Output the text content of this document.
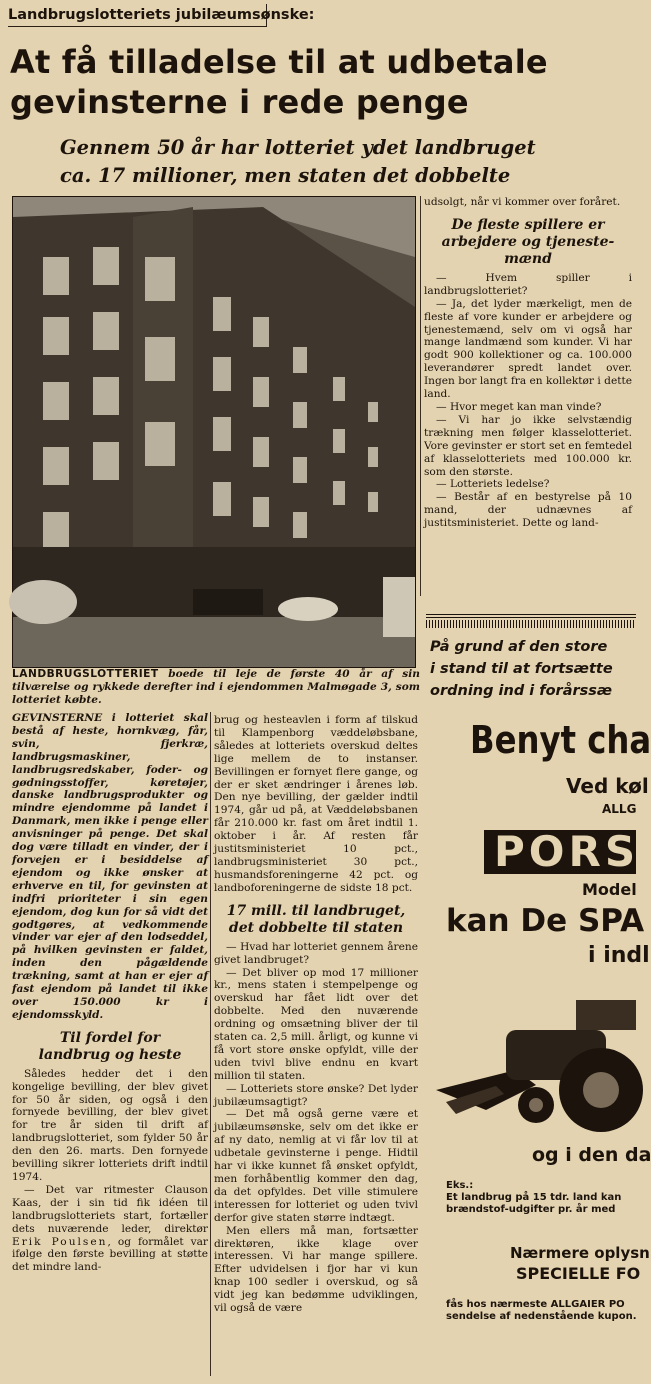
Landbrugslotteriets jubilæumsønske:
At få tilladelse til at udbetale
gevinsterne i rede penge
Gennem 50 år har lotteriet ydet landbruget
ca. 17 millioner, men staten det dobbelte
LANDBRUGSLOTTERIET boede til leje de første 40 år af sin tilværelse og rykkede derefter ind i ejendommen Malmøgade 3, som lotteriet købte.

GEVINSTERNE i lotteriet skal bestå af heste, hornkvæg, får, svin, fjerkræ, landbrugsmaskiner, landbrugsredskaber, foder- og gødningsstoffer, køretøjer, danske landbrugsprodukter og mindre ejendomme på landet i Danmark, men ikke i penge eller anvisninger på penge. Det skal dog være tilladt en vinder, der i forvejen er i besiddelse af ejendom og ikke ønsker at erhverve en til, for gevinsten at indfri prioriteter i sin egen ejendom, dog kun for så vidt det godtgøres, at vedkommende vinder var ejer af den lodseddel, på hvilken gevinsten er faldet, inden den pågældende trækning, samt at han er ejer af fast ejendom på landet til ikke over 150.000 kr i ejendomsskyld.

Til fordel for
landbrug og heste

Således hedder det i den kongelige bevilling, der blev givet for 50 år siden, og også i den fornyede bevilling, der blev givet for tre år siden til drift af landbrugslotteriet, som fylder 50 år den den 26. marts. Den fornyede bevilling sikrer lotteriets drift indtil 1974.

— Det var ritmester Clauson Kaas, der i sin tid fik idéen til landbrugslotteriets start, fortæller dets nuværende leder, direktør Erik Poulsen, og formålet var ifølge den første bevilling at støtte det mindre land-

brug og hesteavlen i form af tilskud til Klampenborg væddeløbsbane, således at lotteriets overskud deltes lige mellem de to instanser. Bevillingen er fornyet flere gange, og der er sket ændringer i årenes løb. Den nye bevilling, der gælder indtil 1974, går ud på, at Væddeløbsbanen får 210.000 kr. fast om året indtil 1. oktober i år. Af resten får justitsministeriet 10 pct., landbrugsministeriet 30 pct., husmandsforeningerne 42 pct. og landboforeningerne de sidste 18 pct.

17 mill. til landbruget,
det dobbelte til staten

— Hvad har lotteriet gennem årene givet landbruget?

— Det bliver op mod 17 millioner kr., mens staten i stempelpenge og overskud har fået lidt over det dobbelte. Med den nuværende ordning og omsætning bliver der til staten ca. 2,5 mill. årligt, og kunne vi få vort store ønske opfyldt, ville der uden tvivl blive endnu en kvart million til staten.

— Lotteriets store ønske? Det lyder jubilæumsagtigt?

— Det må også gerne være et jubilæumsønske, selv om det ikke er af ny dato, nemlig at vi får lov til at udbetale gevinsterne i penge. Hidtil har vi ikke kunnet få ønsket opfyldt, men forhåbentlig kommer den dag, da det opfyldes. Det ville stimulere interessen for lotteriet og uden tvivl derfor give staten større indtægt.

Men ellers må man, fortsætter direktøren, ikke klage over interessen. Vi har mange spillere. Efter udvidelsen i fjor har vi kun knap 100 sedler i overskud, og så vidt jeg kan bedømme udviklingen, vil også de være

udsolgt, når vi kommer over foråret.

De fleste spillere er
arbejdere og tjeneste-
mænd

— Hvem spiller i landbrugslotteriet?

— Ja, det lyder mærkeligt, men de fleste af vore kunder er arbejdere og tjenestemænd, selv om vi også har mange landmænd som kunder. Vi har godt 900 kollektioner og ca. 100.000 leverandører spredt landet over. Ingen bor langt fra en kollektør i dette land.

— Hvor meget kan man vinde?

— Vi har jo ikke selvstændig trækning men følger klasselotteriet. Vore gevinster er stort set en femtedel af klasselotteriets med 100.000 kr. som den største.

— Lotteriets ledelse?

— Består af en bestyrelse på 10 mand, der udnævnes af justitsministeriet. Dette og land-

På grund af den store
i stand til at fortsætte
ordning ind i forårssæ
Benyt cha
Ved køl
ALLG
PORS
Model
kan De SPA
i indl
og i den da
Eks.:
Et landbrug på 15 tdr. land kan
brændstof-udgifter pr. år med
Nærmere oplysn
SPECIELLE FO
fås hos nærmeste ALLGAIER PO
sendelse af nedenstående kupon.
